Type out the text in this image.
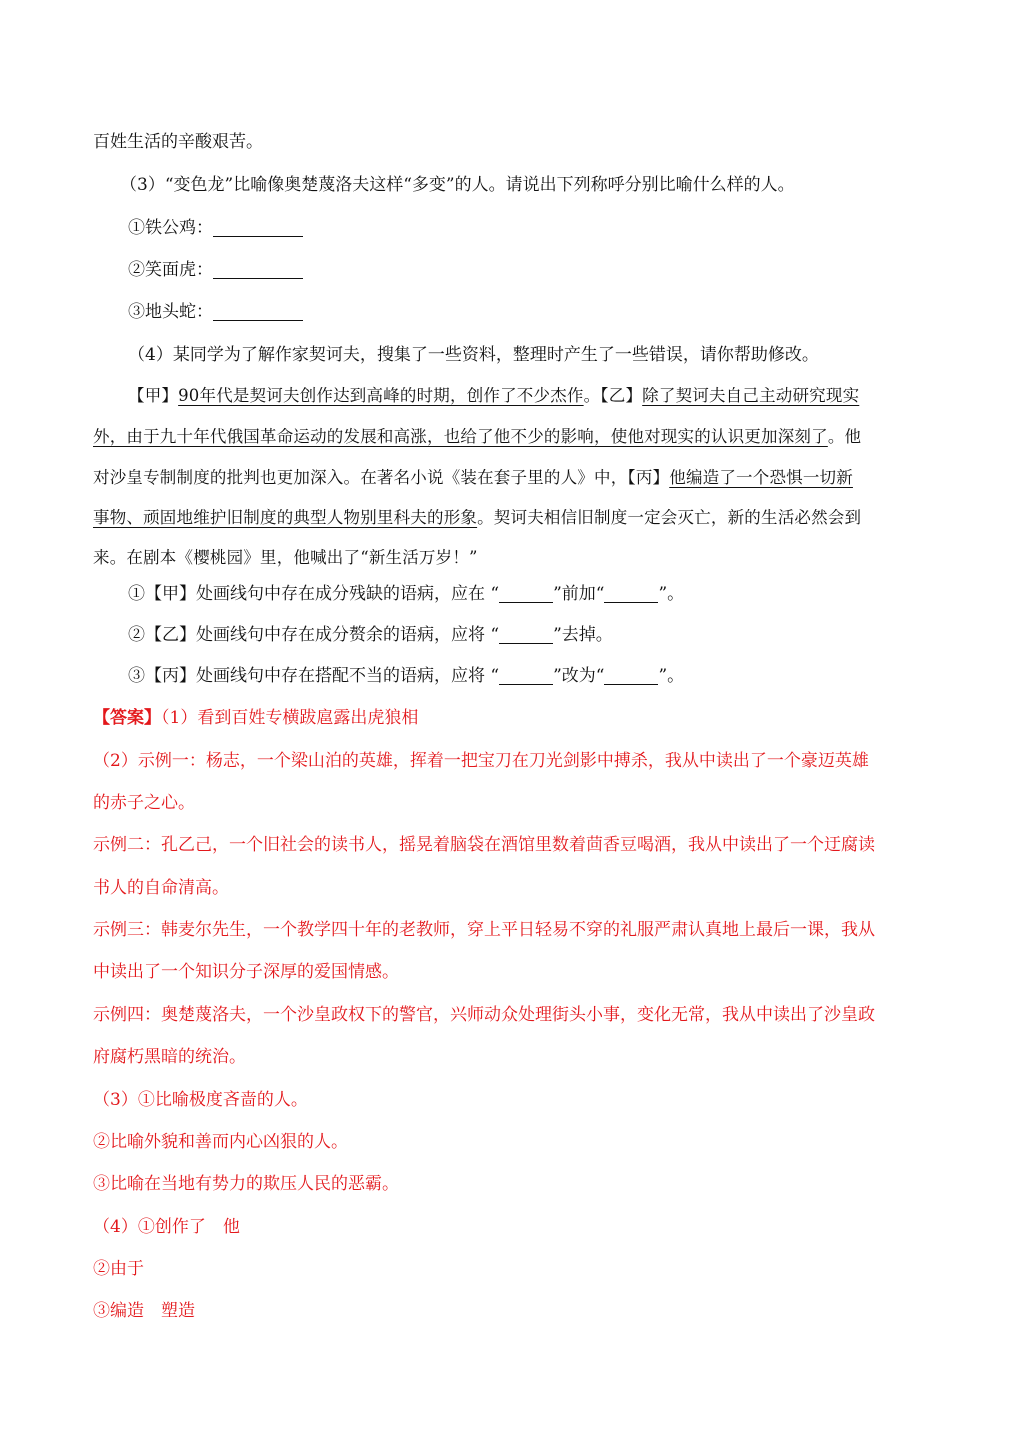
百姓生活的辛酸艰苦。
（3）“变色龙”比喻像奥楚蔑洛夫这样“多变”的人。请说出下列称呼分别比喻什么样的人。
①铁公鸡：
②笑面虎：
③地头蛇：
（4）某同学为了解作家契诃夫，搜集了一些资料，整理时产生了一些错误，请你帮助修改。
【甲】90年代是契诃夫创作达到高峰的时期，创作了不少杰作。【乙】除了契诃夫自己主动研究现实
外，由于九十年代俄国革命运动的发展和高涨，也给了他不少的影响，使他对现实的认识更加深刻了。他
对沙皇专制制度的批判也更加深入。在著名小说《装在套子里的人》中，【丙】他编造了一个恐惧一切新
事物、顽固地维护旧制度的典型人物别里科夫的形象。契诃夫相信旧制度一定会灭亡，新的生活必然会到
来。在剧本《樱桃园》里，他喊出了“新生活万岁！”
①【甲】处画线句中存在成分残缺的语病，应在 “	”前加“	”。
②【乙】处画线句中存在成分赘余的语病，应将 “	”去掉。
③【丙】处画线句中存在搭配不当的语病，应将 “	”改为“	”。
【答案】（1）看到百姓专横跋扈露出虎狼相
（2）示例一：杨志，一个梁山泊的英雄，挥着一把宝刀在刀光剑影中搏杀，我从中读出了一个豪迈英雄
的赤子之心。
示例二：孔乙己，一个旧社会的读书人，摇晃着脑袋在酒馆里数着茴香豆喝酒，我从中读出了一个迂腐读
书人的自命清高。
示例三：韩麦尔先生，一个教学四十年的老教师，穿上平日轻易不穿的礼服严肃认真地上最后一课，我从
中读出了一个知识分子深厚的爱国情感。
示例四：奥楚蔑洛夫，一个沙皇政权下的警官，兴师动众处理街头小事，变化无常，我从中读出了沙皇政
府腐朽黑暗的统治。
（3）①比喻极度吝啬的人。
②比喻外貌和善而内心凶狠的人。
③比喻在当地有势力的欺压人民的恶霸。
（4）①创作了　他
②由于
③编造　塑造
